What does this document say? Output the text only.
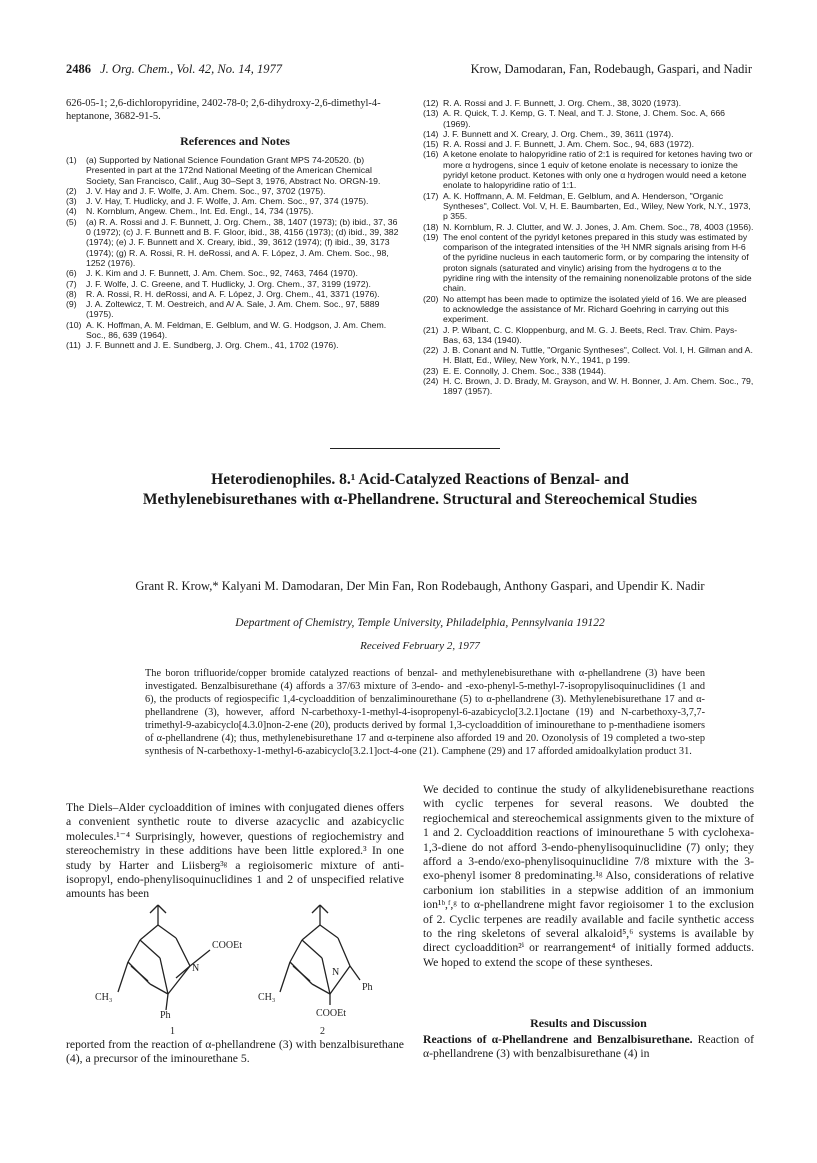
2486 J. Org. Chem., Vol. 42, No. 14, 1977	Krow, Damodaran, Fan, Rodebaugh, Gaspari, and Nadir
626-05-1; 2,6-dichloropyridine, 2402-78-0; 2,6-dihydroxy-2,6-dimethyl-4-heptanone, 3682-91-5.
References and Notes
(1) (a) Supported by National Science Foundation Grant MPS 74-20520. (b) Presented in part at the 172nd National Meeting of the American Chemical Society, San Francisco, Calif., Aug 30–Sept 3, 1976, Abstract No. ORGN-19.
(2) J. V. Hay and J. F. Wolfe, J. Am. Chem. Soc., 97, 3702 (1975).
(3) J. V. Hay, T. Hudlicky, and J. F. Wolfe, J. Am. Chem. Soc., 97, 374 (1975).
(4) N. Kornblum, Angew. Chem., Int. Ed. Engl., 14, 734 (1975).
(5) (a) R. A. Rossi and J. F. Bunnett, J. Org. Chem., 38, 1407 (1973); (b) ibid., 37, 36 0 (1972); (c) J. F. Bunnett and B. F. Gloor, ibid., 38, 4156 (1973); (d) ibid., 39, 382 (1974); (e) J. F. Bunnett and X. Creary, ibid., 39, 3612 (1974); (f) ibid., 39, 3173 (1974); (g) R. A. Rossi, R. H. deRossi, and A. F. López, J. Am. Chem. Soc., 98, 1252 (1976).
(6) J. K. Kim and J. F. Bunnett, J. Am. Chem. Soc., 92, 7463, 7464 (1970).
(7) J. F. Wolfe, J. C. Greene, and T. Hudlicky, J. Org. Chem., 37, 3199 (1972).
(8) R. A. Rossi, R. H. deRossi, and A. F. López, J. Org. Chem., 41, 3371 (1976).
(9) J. A. Zoltewicz, T. M. Oestreich, and A/ A. Sale, J. Am. Chem. Soc., 97, 5889 (1975).
(10) A. K. Hoffman, A. M. Feldman, E. Gelblum, and W. G. Hodgson, J. Am. Chem. Soc., 86, 639 (1964).
(11) J. F. Bunnett and J. E. Sundberg, J. Org. Chem., 41, 1702 (1976).
(12) R. A. Rossi and J. F. Bunnett, J. Org. Chem., 38, 3020 (1973).
(13) A. R. Quick, T. J. Kemp, G. T. Neal, and T. J. Stone, J. Chem. Soc. A, 666 (1969).
(14) J. F. Bunnett and X. Creary, J. Org. Chem., 39, 3611 (1974).
(15) R. A. Rossi and J. F. Bunnett, J. Am. Chem. Soc., 94, 683 (1972).
(16) A ketone enolate to halopyridine ratio of 2:1 is required for ketones having two or more α hydrogens, since 1 equiv of ketone enolate is necessary to ionize the pyridyl ketone product. Ketones with only one α hydrogen would need a ketone enolate to halopyridine ratio of 1:1.
(17) A. K. Hoffmann, A. M. Feldman, E. Gelblum, and A. Henderson, "Organic Syntheses", Collect. Vol. V, H. E. Baumbarten, Ed., Wiley, New York, N.Y., 1973, p 355.
(18) N. Kornblum, R. J. Clutter, and W. J. Jones, J. Am. Chem. Soc., 78, 4003 (1956).
(19) The enol content of the pyridyl ketones prepared in this study was estimated by comparison of the integrated intensities of the ¹H NMR signals arising from H-6 of the pyridine nucleus in each tautomeric form, or by comparing the intensity of proton signals (saturated and vinylic) arising from the hydrogens α to the pyridine ring with the intensity of the remaining nonenolizable protons of the side chain.
(20) No attempt has been made to optimize the isolated yield of 16. We are pleased to acknowledge the assistance of Mr. Richard Goehring in carrying out this experiment.
(21) J. P. Wibant, C. C. Kloppenburg, and M. G. J. Beets, Recl. Trav. Chim. Pays-Bas, 63, 134 (1940).
(22) J. B. Conant and N. Tuttle, "Organic Syntheses", Collect. Vol. I, H. Gilman and A. H. Blatt, Ed., Wiley, New York, N.Y., 1941, p 199.
(23) E. E. Connolly, J. Chem. Soc., 338 (1944).
(24) H. C. Brown, J. D. Brady, M. Grayson, and W. H. Bonner, J. Am. Chem. Soc., 79, 1897 (1957).
Heterodienophiles. 8.¹ Acid-Catalyzed Reactions of Benzal- and Methylenebisurethanes with α-Phellandrene. Structural and Stereochemical Studies
Grant R. Krow,* Kalyani M. Damodaran, Der Min Fan, Ron Rodebaugh, Anthony Gaspari, and Upendir K. Nadir
Department of Chemistry, Temple University, Philadelphia, Pennsylvania 19122
Received February 2, 1977
The boron trifluoride/copper bromide catalyzed reactions of benzal- and methylenebisurethane with α-phellandrene (3) have been investigated. Benzalbisurethane (4) affords a 37/63 mixture of 3-endo- and -exo-phenyl-5-methyl-7-isopropylisoquinuclidines (1 and 6), the products of regiospecific 1,4-cycloaddition of benzaliminourethane (5) to α-phellandrene (3). Methylenebisurethane 17 and α-phellandrene (3), however, afford N-carbethoxy-1-methyl-4-isopropenyl-6-azabicyclo[3.2.1]octane (19) and N-carbethoxy-3,7,7-trimethyl-9-azabicyclo[4.3.0]non-2-ene (20), products derived by formal 1,3-cycloaddition of iminourethane to p-menthadiene isomers of α-phellandrene (4); thus, methylenebisurethane 17 and α-terpinene also afforded 19 and 20. Ozonolysis of 19 completed a two-step synthesis of N-carbethoxy-1-methyl-6-azabicyclo[3.2.1]oct-4-one (21). Camphene (29) and 17 afforded amidoalkylation product 31.
The Diels–Alder cycloaddition of imines with conjugated dienes offers a convenient synthetic route to diverse azacyclic and azabicyclic molecules.¹⁻⁴ Surprisingly, however, questions of regiochemistry and stereochemistry in these additions have been little explored.³ In one study by Harter and Liisberg³ᵍ a regioisomeric mixture of anti-isopropyl, endo-phenylisoquinuclidines 1 and 2 of unspecified relative amounts has been
N
COOEt
CH₃
Ph
1
N
Ph
CH₃
COOEt
2
reported from the reaction of α-phellandrene (3) with benzalbisurethane (4), a precursor of the iminourethane 5.
We decided to continue the study of alkylidenebisurethane reactions with cyclic terpenes for several reasons. We doubted the regiochemical and stereochemical assignments given to the mixture of 1 and 2. Cycloaddition reactions of iminourethane 5 with cyclohexa-1,3-diene do not afford 3-endo-phenylisoquinuclidine (7) only; they afford a 3-endo/exo-phenylisoquinuclidine 7/8 mixture with the 3-exo-phenyl isomer 8 predominating.¹ᵍ Also, considerations of relative carbonium ion stabilities in a stepwise addition of an immonium ion¹ᵇ,ᶠ,ᵍ to α-phellandrene might favor regioisomer 1 to the exclusion of 2. Cyclic terpenes are readily available and facile synthetic access to the ring skeletons of several alkaloid⁵,⁶ systems is available by direct cycloaddition²ⁱ or rearrangement⁴ of initially formed adducts. We hoped to extend the scope of these syntheses.
Results and Discussion
Reactions of α-Phellandrene and Benzalbisurethane. Reaction of α-phellandrene (3) with benzalbisurethane (4) in
